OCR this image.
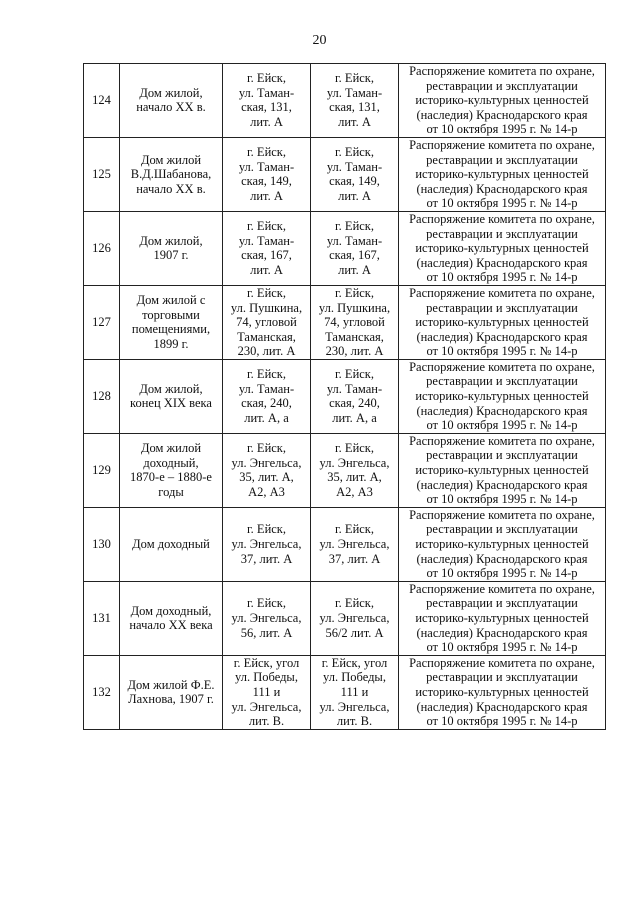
20
124	Дом жилой,
начало XX в.	г. Ейск,
ул. Таман-
ская, 131,
лит. А	г. Ейск,
ул. Таман-
ская, 131,
лит. А	Распоряжение комитета по охране,
реставрации и эксплуатации
историко-культурных ценностей
(наследия) Краснодарского края
от 10 октября 1995 г. № 14-р

125	Дом жилой
В.Д.Шабанова,
начало XX в.	г. Ейск,
ул. Таман-
ская, 149,
лит. А	г. Ейск,
ул. Таман-
ская, 149,
лит. А	Распоряжение комитета по охране,
реставрации и эксплуатации
историко-культурных ценностей
(наследия) Краснодарского края
от 10 октября 1995 г. № 14-р

126	Дом жилой,
1907 г.	г. Ейск,
ул. Таман-
ская, 167,
лит. А	г. Ейск,
ул. Таман-
ская, 167,
лит. А	Распоряжение комитета по охране,
реставрации и эксплуатации
историко-культурных ценностей
(наследия) Краснодарского края
от 10 октября 1995 г. № 14-р

127	Дом жилой с
торговыми
помещениями,
1899 г.	г. Ейск,
ул. Пушкина,
74, угловой
Таманская,
230, лит. А	г. Ейск,
ул. Пушкина,
74, угловой
Таманская,
230, лит. А	Распоряжение комитета по охране,
реставрации и эксплуатации
историко-культурных ценностей
(наследия) Краснодарского края
от 10 октября 1995 г. № 14-р

128	Дом жилой,
конец XIX века	г. Ейск,
ул. Таман-
ская, 240,
лит. А, а	г. Ейск,
ул. Таман-
ская, 240,
лит. А, а	Распоряжение комитета по охране,
реставрации и эксплуатации
историко-культурных ценностей
(наследия) Краснодарского края
от 10 октября 1995 г. № 14-р

129	Дом жилой
доходный,
1870-е – 1880-е
годы	г. Ейск,
ул. Энгельса,
35, лит. А,
А2, А3	г. Ейск,
ул. Энгельса,
35, лит. А,
А2, А3	Распоряжение комитета по охране,
реставрации и эксплуатации
историко-культурных ценностей
(наследия) Краснодарского края
от 10 октября 1995 г. № 14-р

130	Дом доходный	г. Ейск,
ул. Энгельса,
37, лит. А	г. Ейск,
ул. Энгельса,
37, лит. А	Распоряжение комитета по охране,
реставрации и эксплуатации
историко-культурных ценностей
(наследия) Краснодарского края
от 10 октября 1995 г. № 14-р

131	Дом доходный,
начало XX века	г. Ейск,
ул. Энгельса,
56, лит. А	г. Ейск,
ул. Энгельса,
56/2 лит. А	Распоряжение комитета по охране,
реставрации и эксплуатации
историко-культурных ценностей
(наследия) Краснодарского края
от 10 октября 1995 г. № 14-р

132	Дом жилой Ф.Е.
Лахнова, 1907 г.	г. Ейск, угол
ул. Победы,
111 и
ул. Энгельса,
лит. В.	г. Ейск, угол
ул. Победы,
111 и
ул. Энгельса,
лит. В.	Распоряжение комитета по охране,
реставрации и эксплуатации
историко-культурных ценностей
(наследия) Краснодарского края
от 10 октября 1995 г. № 14-р
